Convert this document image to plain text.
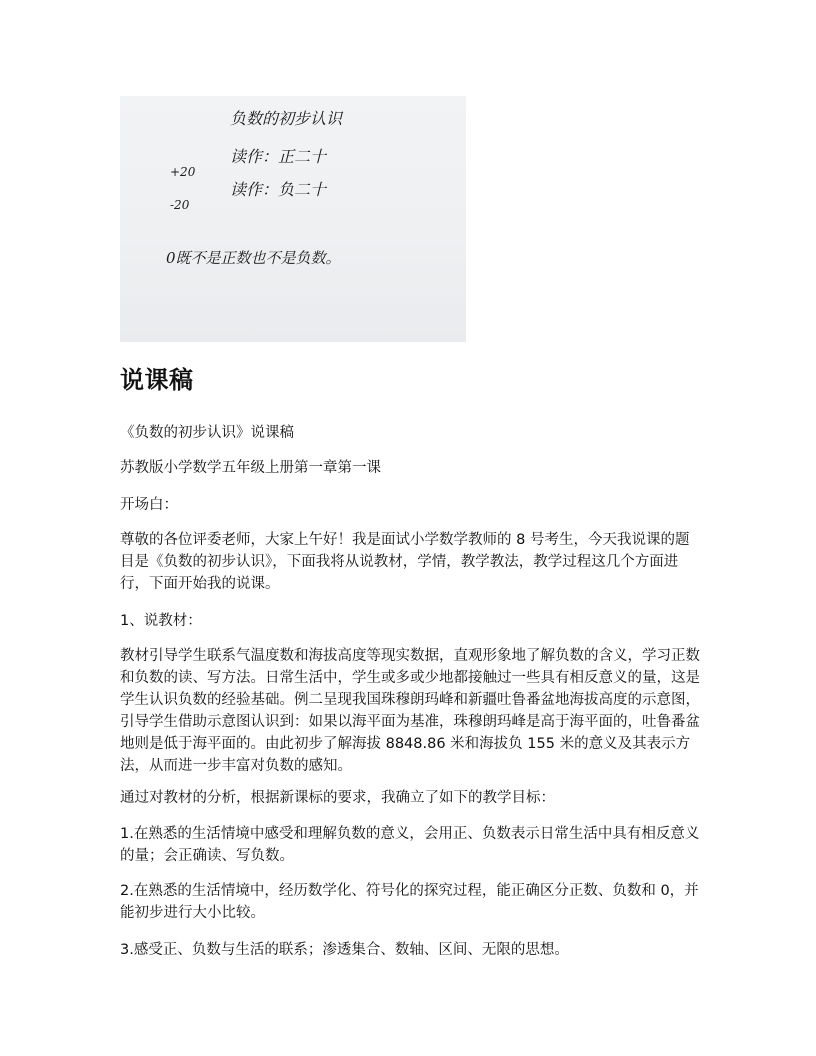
负数的初步认识
+20
读作：正二十
-20
读作：负二十
0既不是正数也不是负数。
说课稿

《负数的初步认识》说课稿

苏教版小学数学五年级上册第一章第一课

开场白：

尊敬的各位评委老师，大家上午好！我是面试小学数学教师的 8 号考生，今天我说课的题目是《负数的初步认识》，下面我将从说教材，学情，教学教法，教学过程这几个方面进行，下面开始我的说课。

1、说教材：

教材引导学生联系气温度数和海拔高度等现实数据，直观形象地了解负数的含义，学习正数和负数的读、写方法。日常生活中，学生或多或少地都接触过一些具有相反意义的量，这是学生认识负数的经验基础。例二呈现我国珠穆朗玛峰和新疆吐鲁番盆地海拔高度的示意图，引导学生借助示意图认识到：如果以海平面为基准，珠穆朗玛峰是高于海平面的，吐鲁番盆地则是低于海平面的。由此初步了解海拔 8848.86 米和海拔负 155 米的意义及其表示方法，从而进一步丰富对负数的感知。

通过对教材的分析，根据新课标的要求，我确立了如下的教学目标：

1.在熟悉的生活情境中感受和理解负数的意义，会用正、负数表示日常生活中具有相反意义的量；会正确读、写负数。

2.在熟悉的生活情境中，经历数学化、符号化的探究过程，能正确区分正数、负数和 0，并能初步进行大小比较。

3.感受正、负数与生活的联系；渗透集合、数轴、区间、无限的思想。
